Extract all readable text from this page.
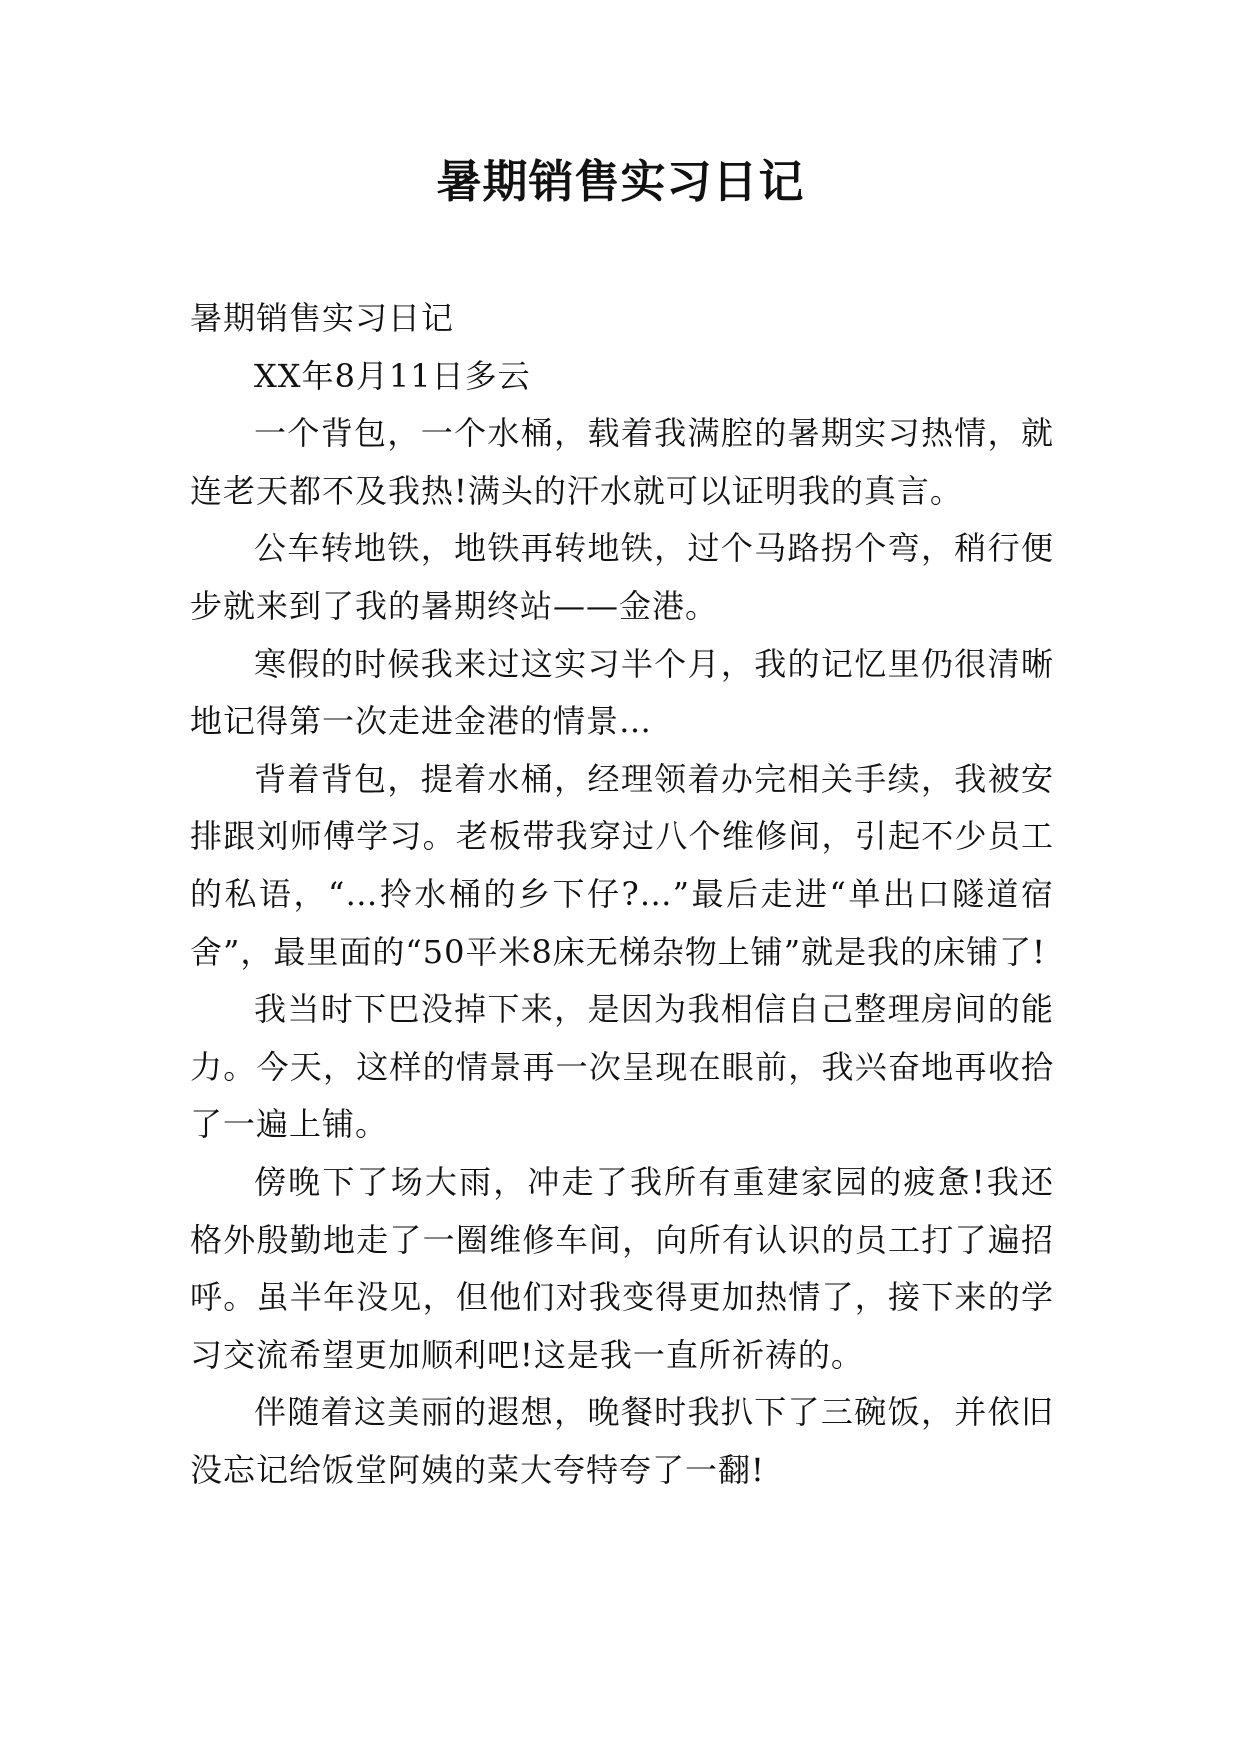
暑期销售实习日记

暑期销售实习日记

XX年8月11日多云

一个背包，一个水桶，载着我满腔的暑期实习热情，就连老天都不及我热!满头的汗水就可以证明我的真言。

公车转地铁，地铁再转地铁，过个马路拐个弯，稍行便步就来到了我的暑期终站——金港。

寒假的时候我来过这实习半个月，我的记忆里仍很清晰地记得第一次走进金港的情景…

背着背包，提着水桶，经理领着办完相关手续，我被安排跟刘师傅学习。老板带我穿过八个维修间，引起不少员工的私语，“…拎水桶的乡下仔?…”最后走进“单出口隧道宿舍”，最里面的“50平米8床无梯杂物上铺”就是我的床铺了!

我当时下巴没掉下来，是因为我相信自己整理房间的能力。今天，这样的情景再一次呈现在眼前，我兴奋地再收拾了一遍上铺。

傍晚下了场大雨，冲走了我所有重建家园的疲惫!我还格外殷勤地走了一圈维修车间，向所有认识的员工打了遍招呼。虽半年没见，但他们对我变得更加热情了，接下来的学习交流希望更加顺利吧!这是我一直所祈祷的。

伴随着这美丽的遐想，晚餐时我扒下了三碗饭，并依旧没忘记给饭堂阿姨的菜大夸特夸了一翻!
